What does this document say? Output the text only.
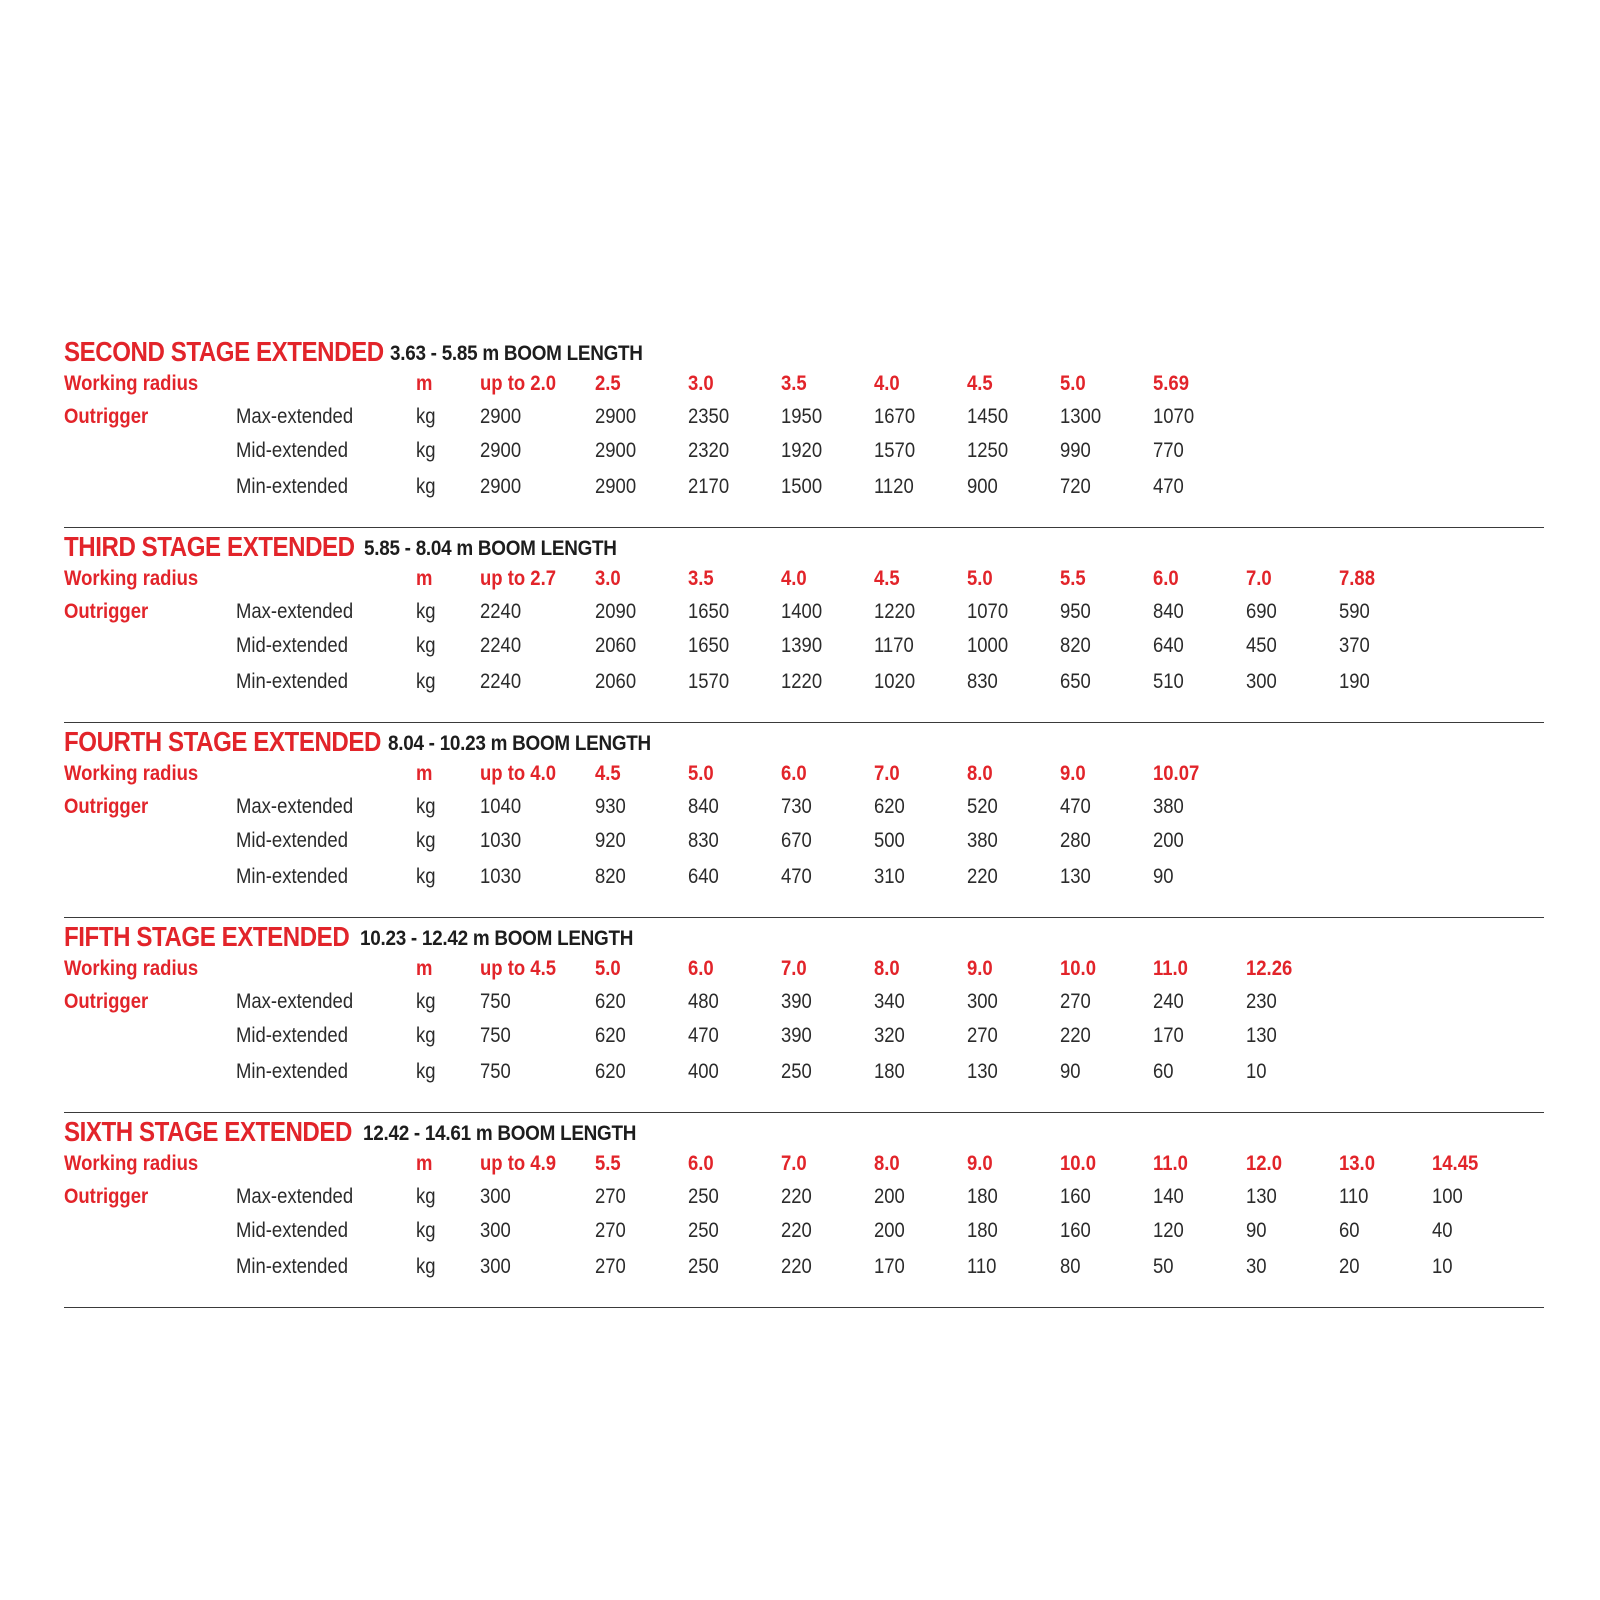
SECOND STAGE EXTENDED 3.63 - 5.85 m BOOM LENGTH
Working radius	m up to 2.0 2.5	3.0	3.5	4.0	4.5	5.0	5.69
Outrigger	Max-extended	kg 2900	2900 2350 1950 1670 1450 1300 1070
Mid-extended	kg 2900	2900 2320 1920 1570 1250 990	770
Min-extended	kg 2900	2900 2170 1500 1120	900	720	470
THIRD STAGE EXTENDED 5.85 - 8.04 m BOOM LENGTH
Working radius	m up to 2.7 3.0	3.5	4.0	4.5	5.0	5.5	6.0	7.0	7.88
Outrigger	Max-extended	kg 2240	2090 1650 1400 1220 1070 950	840	690	590
Mid-extended	kg 2240	2060 1650 1390 1170	1000 820	640	450	370
Min-extended	kg 2240	2060 1570 1220 1020 830	650	510	300	190
FOURTH STAGE EXTENDED 8.04 - 10.23 m BOOM LENGTH
Working radius	m up to 4.0 4.5	5.0	6.0	7.0	8.0	9.0	10.07
Outrigger	Max-extended	kg 1040	930	840	730	620	520	470	380
Mid-extended	kg 1030	920	830	670	500	380	280	200
Min-extended	kg 1030	820	640	470	310	220	130	90
FIFTH STAGE EXTENDED 10.23 - 12.42 m BOOM LENGTH
Working radius	m up to 4.5 5.0	6.0	7.0	8.0	9.0	10.0	11.0	12.26
Outrigger	Max-extended	kg 750	620	480	390	340	300	270	240	230
Mid-extended	kg 750	620	470	390	320	270	220	170	130
Min-extended	kg 750	620	400	250	180	130	90	60	10
SIXTH STAGE EXTENDED 12.42 - 14.61 m BOOM LENGTH
Working radius	m up to 4.9 5.5	6.0	7.0	8.0	9.0	10.0	11.0	12.0	13.0	14.45
Outrigger	Max-extended	kg 300	270	250	220	200	180	160	140	130	110	100
Mid-extended	kg 300	270	250	220	200	180	160	120	90	60	40
Min-extended	kg 300	270	250	220	170	110	80	50	30	20	10
